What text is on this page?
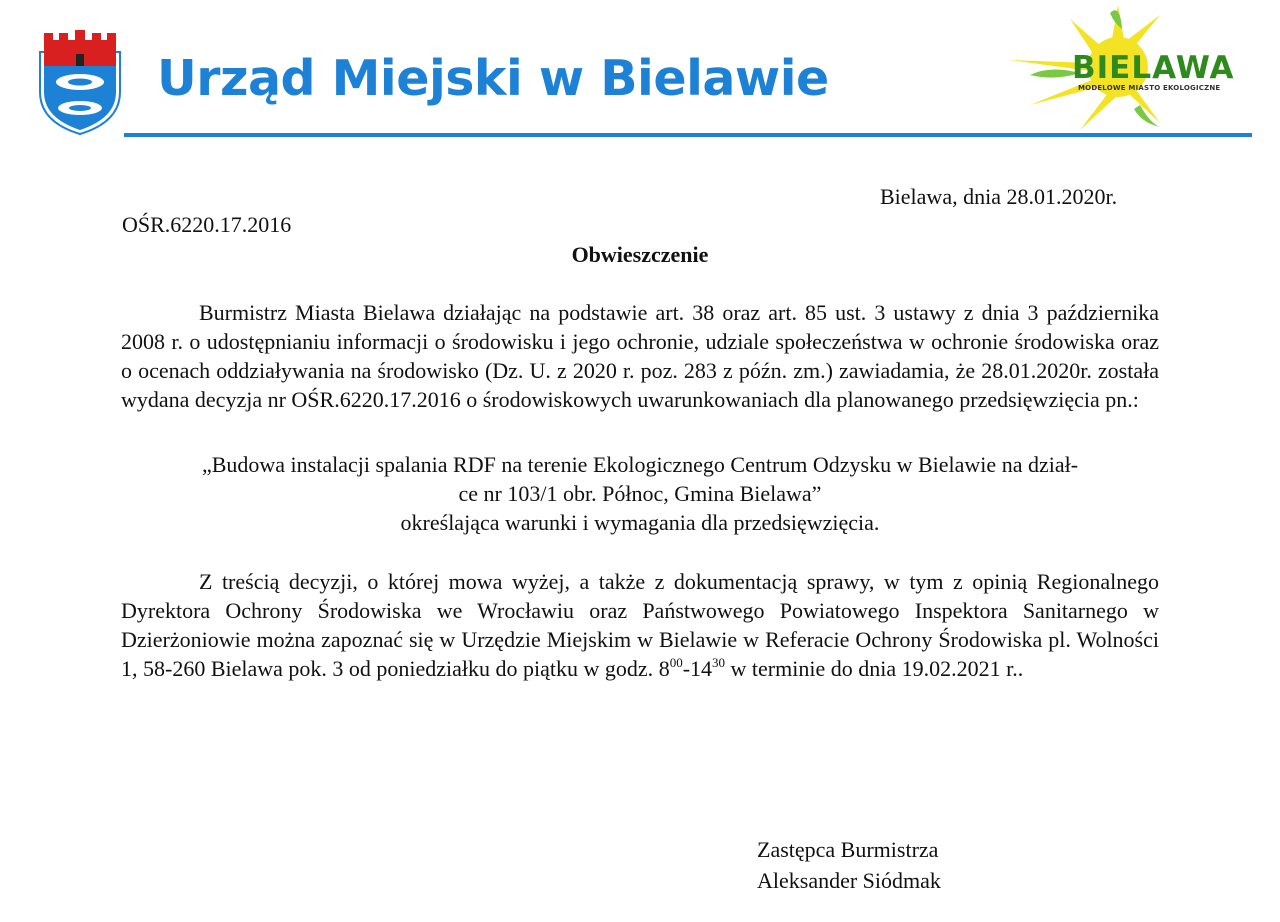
Urząd Miejski w Bielawie	BIELAWA
MODELOWE MIASTO EKOLOGICZNE
Bielawa, dnia 28.01.2020r.
OŚR.6220.17.2016
Obwieszczenie
Burmistrz Miasta Bielawa działając na podstawie art. 38 oraz art. 85 ust. 3 ustawy z dnia 3 października 2008 r. o udostępnianiu informacji o środowisku i jego ochronie, udziale społeczeństwa w ochronie środowiska oraz o ocenach oddziaływania na środowisko (Dz. U. z 2020 r. poz. 283 z późn. zm.) zawiadamia, że 28.01.2020r. została wydana decyzja nr OŚR.6220.17.2016 o środowiskowych uwarunkowaniach dla planowanego przedsięwzięcia pn.:
„Budowa instalacji spalania RDF na terenie Ekologicznego Centrum Odzysku w Bielawie na dział-
ce nr 103/1 obr. Północ, Gmina Bielawa”
określająca warunki i wymagania dla przedsięwzięcia.
Z treścią decyzji, o której mowa wyżej, a także z dokumentacją sprawy, w tym z opinią Regionalnego Dyrektora Ochrony Środowiska we Wrocławiu oraz Państwowego Powiatowego Inspektora Sanitarnego w Dzierżoniowie można zapoznać się w Urzędzie Miejskim w Bielawie w Referacie Ochrony Środowiska pl. Wolności 1, 58-260 Bielawa pok. 3 od poniedziałku do piątku w godz. $8^{00}-14^{30}$ w terminie do dnia 19.02.2021 r..
Zastępca Burmistrza
Aleksander Siódmak
